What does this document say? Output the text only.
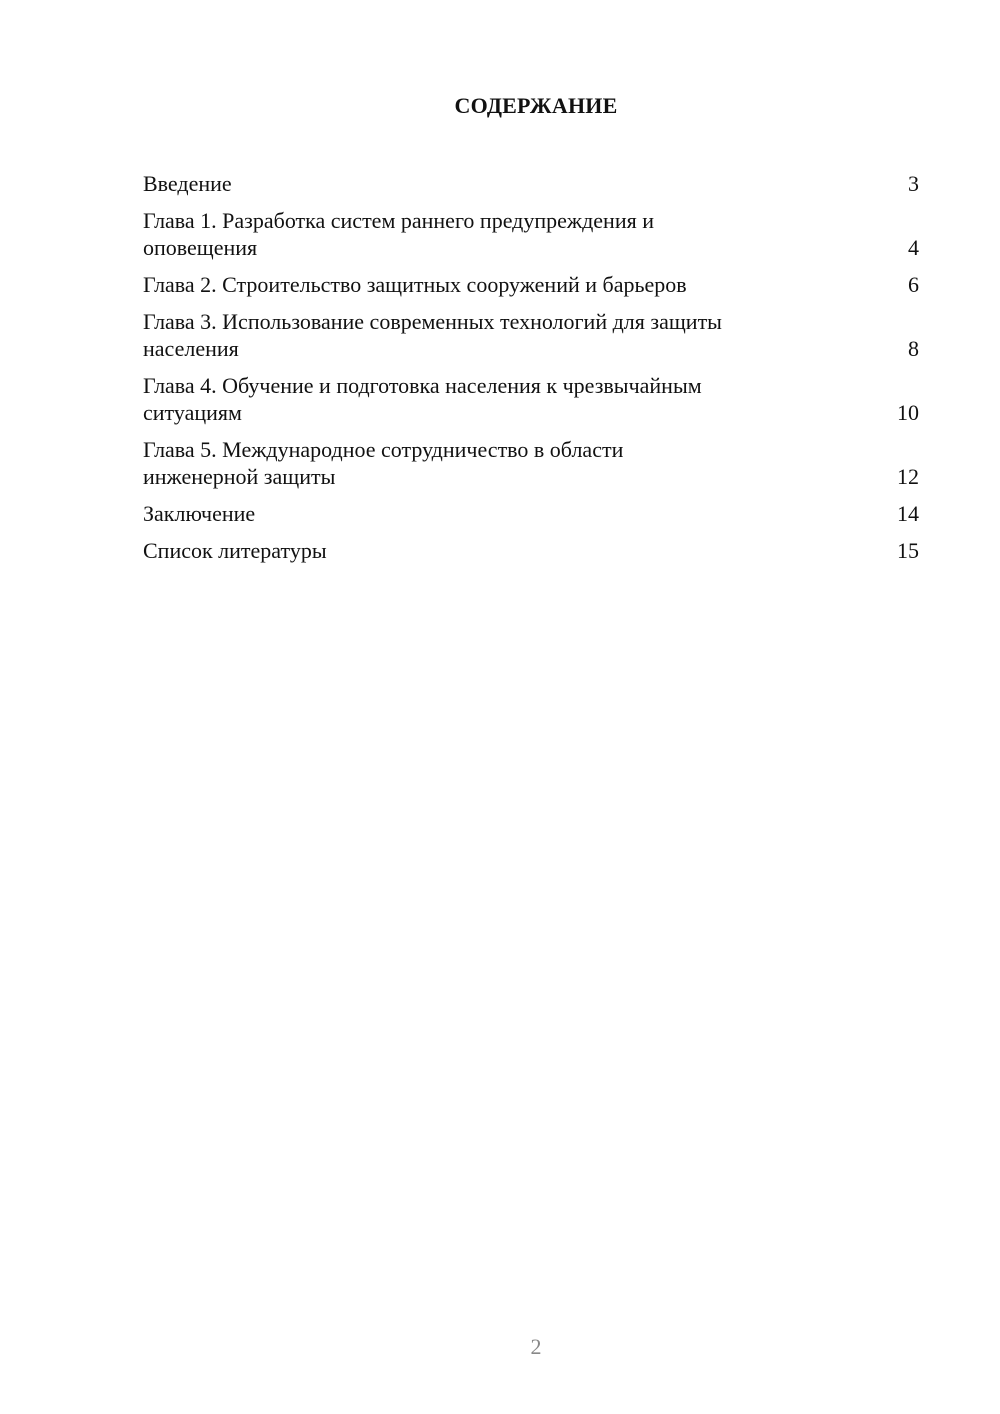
СОДЕРЖАНИЕ
Введение	3
Глава 1. Разработка систем раннего предупреждения и оповещения	4
Глава 2. Строительство защитных сооружений и барьеров	6
Глава 3. Использование современных технологий для защиты населения	8
Глава 4. Обучение и подготовка населения к чрезвычайным ситуациям	10
Глава 5. Международное сотрудничество в области инженерной защиты	12
Заключение	14
Список литературы	15
2
